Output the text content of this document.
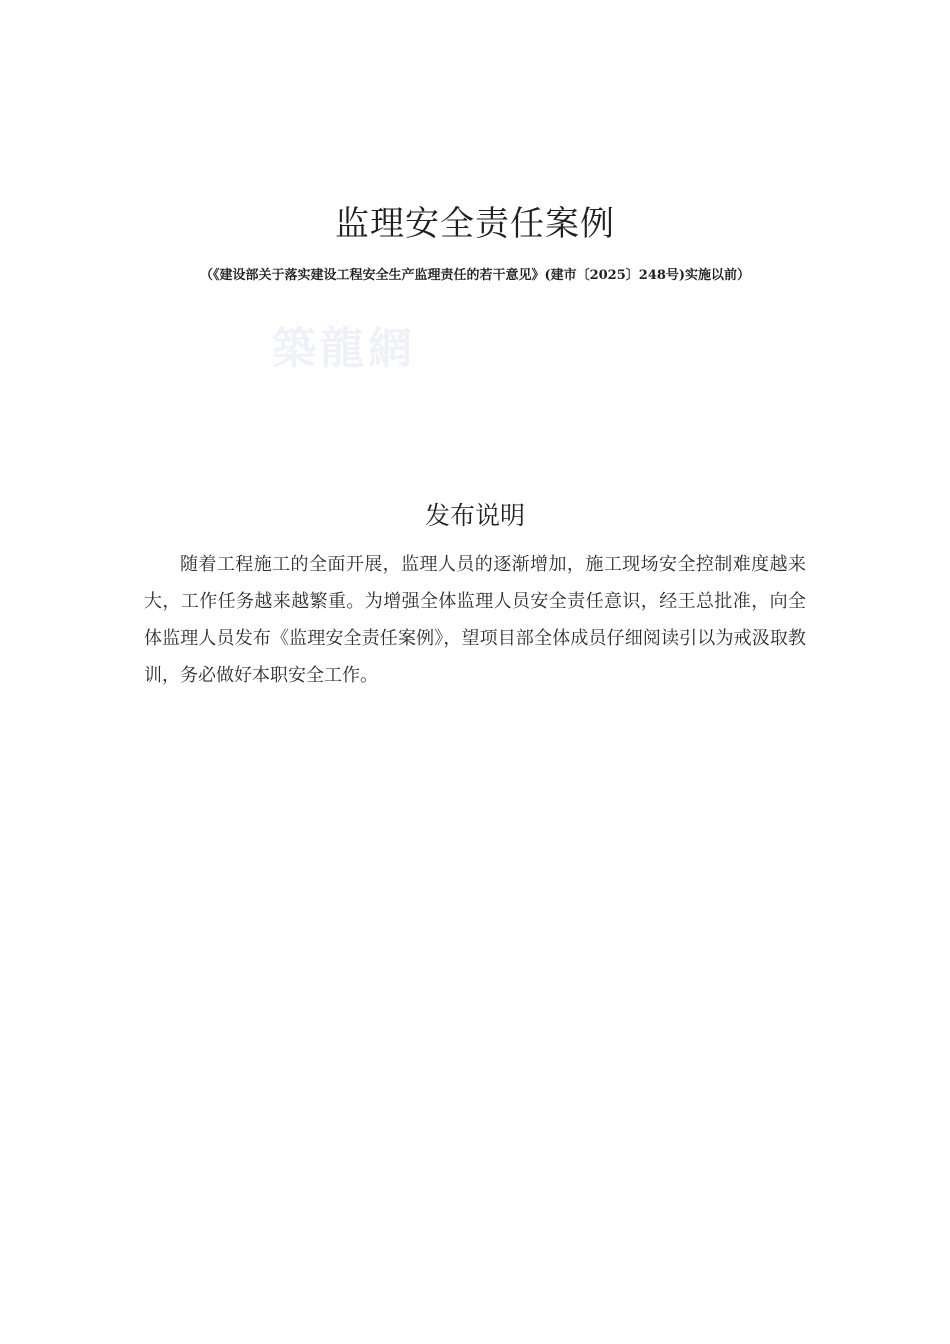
监理安全责任案例

（《建设部关于落实建设工程安全生产监理责任的若干意见》(建市〔2025〕248号)实施以前）

築龍網
发布说明

随着工程施工的全面开展，监理人员的逐渐增加，施工现场安全控制难度越来大，工作任务越来越繁重。为增强全体监理人员安全责任意识，经王总批准，向全体监理人员发布《监理安全责任案例》，望项目部全体成员仔细阅读引以为戒汲取教训，务必做好本职安全工作。
